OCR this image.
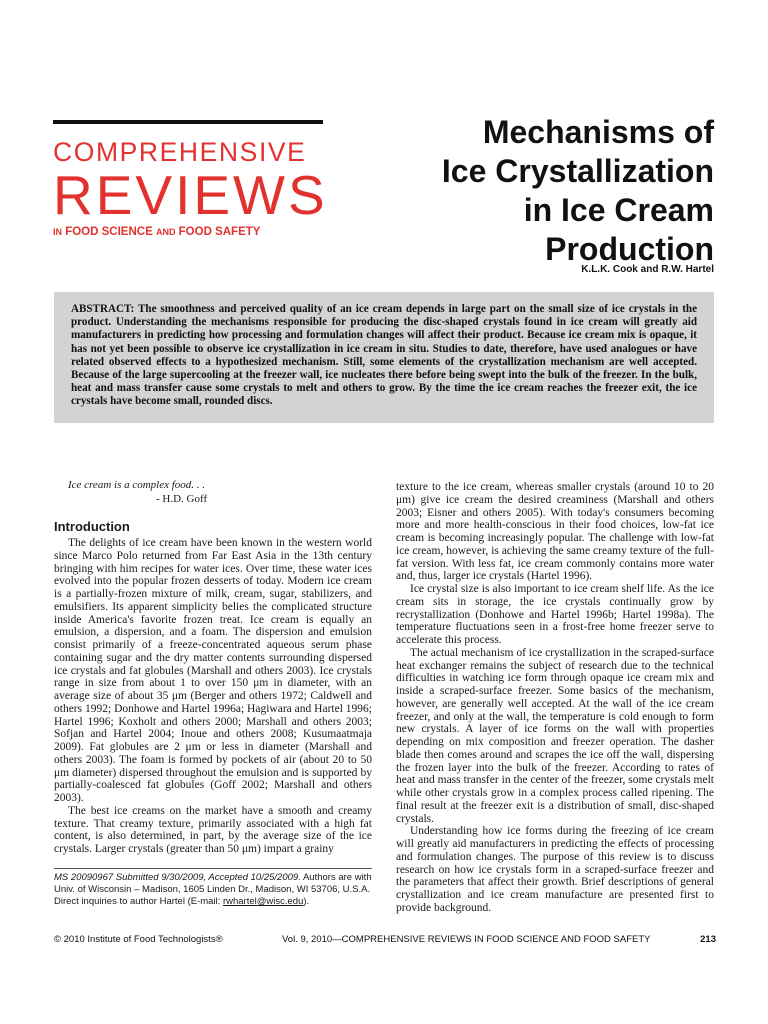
COMPREHENSIVE
REVIEWS
IN FOOD SCIENCE AND FOOD SAFETY
Mechanisms of
Ice Crystallization
in Ice Cream
Production
K.L.K. Cook and R.W. Hartel

ABSTRACT: The smoothness and perceived quality of an ice cream depends in large part on the small size of ice crystals in the product. Understanding the mechanisms responsible for producing the disc-shaped crystals found in ice cream will greatly aid manufacturers in predicting how processing and formulation changes will affect their product. Because ice cream mix is opaque, it has not yet been possible to observe ice crystallization in ice cream in situ. Studies to date, therefore, have used analogues or have related observed effects to a hypothesized mechanism. Still, some elements of the crystallization mechanism are well accepted. Because of the large supercooling at the freezer wall, ice nucleates there before being swept into the bulk of the freezer. In the bulk, heat and mass transfer cause some crystals to melt and others to grow. By the time the ice cream reaches the freezer exit, the ice crystals have become small, rounded discs.

Ice cream is a complex food. . .
- H.D. Goff
Introduction

The delights of ice cream have been known in the western world since Marco Polo returned from Far East Asia in the 13th century bringing with him recipes for water ices. Over time, these water ices evolved into the popular frozen desserts of today. Modern ice cream is a partially-frozen mixture of milk, cream, sugar, stabilizers, and emulsifiers. Its apparent simplicity belies the complicated structure inside America's favorite frozen treat. Ice cream is equally an emulsion, a dispersion, and a foam. The dispersion and emulsion consist primarily of a freeze-concentrated aqueous serum phase containing sugar and the dry matter contents surrounding dispersed ice crystals and fat globules (Marshall and others 2003). Ice crystals range in size from about 1 to over 150 μm in diameter, with an average size of about 35 μm (Berger and others 1972; Caldwell and others 1992; Donhowe and Hartel 1996a; Hagiwara and Hartel 1996; Hartel 1996; Koxholt and others 2000; Marshall and others 2003; Sofjan and Hartel 2004; Inoue and others 2008; Kusumaatmaja 2009). Fat globules are 2 μm or less in diameter (Marshall and others 2003). The foam is formed by pockets of air (about 20 to 50 μm diameter) dispersed throughout the emulsion and is supported by partially-coalesced fat globules (Goff 2002; Marshall and others 2003).

The best ice creams on the market have a smooth and creamy texture. That creamy texture, primarily associated with a high fat content, is also determined, in part, by the average size of the ice crystals. Larger crystals (greater than 50 μm) impart a grainy

texture to the ice cream, whereas smaller crystals (around 10 to 20 μm) give ice cream the desired creaminess (Marshall and others 2003; Eisner and others 2005). With today's consumers becoming more and more health-conscious in their food choices, low-fat ice cream is becoming increasingly popular. The challenge with low-fat ice cream, however, is achieving the same creamy texture of the full-fat version. With less fat, ice cream commonly contains more water and, thus, larger ice crystals (Hartel 1996).

Ice crystal size is also important to ice cream shelf life. As the ice cream sits in storage, the ice crystals continually grow by recrystallization (Donhowe and Hartel 1996b; Hartel 1998a). The temperature fluctuations seen in a frost-free home freezer serve to accelerate this process.

The actual mechanism of ice crystallization in the scraped-surface heat exchanger remains the subject of research due to the technical difficulties in watching ice form through opaque ice cream mix and inside a scraped-surface freezer. Some basics of the mechanism, however, are generally well accepted. At the wall of the ice cream freezer, and only at the wall, the temperature is cold enough to form new crystals. A layer of ice forms on the wall with properties depending on mix composition and freezer operation. The dasher blade then comes around and scrapes the ice off the wall, dispersing the frozen layer into the bulk of the freezer. According to rates of heat and mass transfer in the center of the freezer, some crystals melt while other crystals grow in a complex process called ripening. The final result at the freezer exit is a distribution of small, disc-shaped crystals.

Understanding how ice forms during the freezing of ice cream will greatly aid manufacturers in predicting the effects of processing and formulation changes. The purpose of this review is to discuss research on how ice crystals form in a scraped-surface freezer and the parameters that affect their growth. Brief descriptions of general crystallization and ice cream manufacture are presented first to provide background.

MS 20090967 Submitted 9/30/2009, Accepted 10/25/2009. Authors are with Univ. of Wisconsin – Madison, 1605 Linden Dr., Madison, WI 53706, U.S.A. Direct inquiries to author Hartel (E-mail: rwhartel@wisc.edu).
© 2010 Institute of Food Technologists®	Vol. 9, 2010—COMPREHENSIVE REVIEWS IN FOOD SCIENCE AND FOOD SAFETY	213
